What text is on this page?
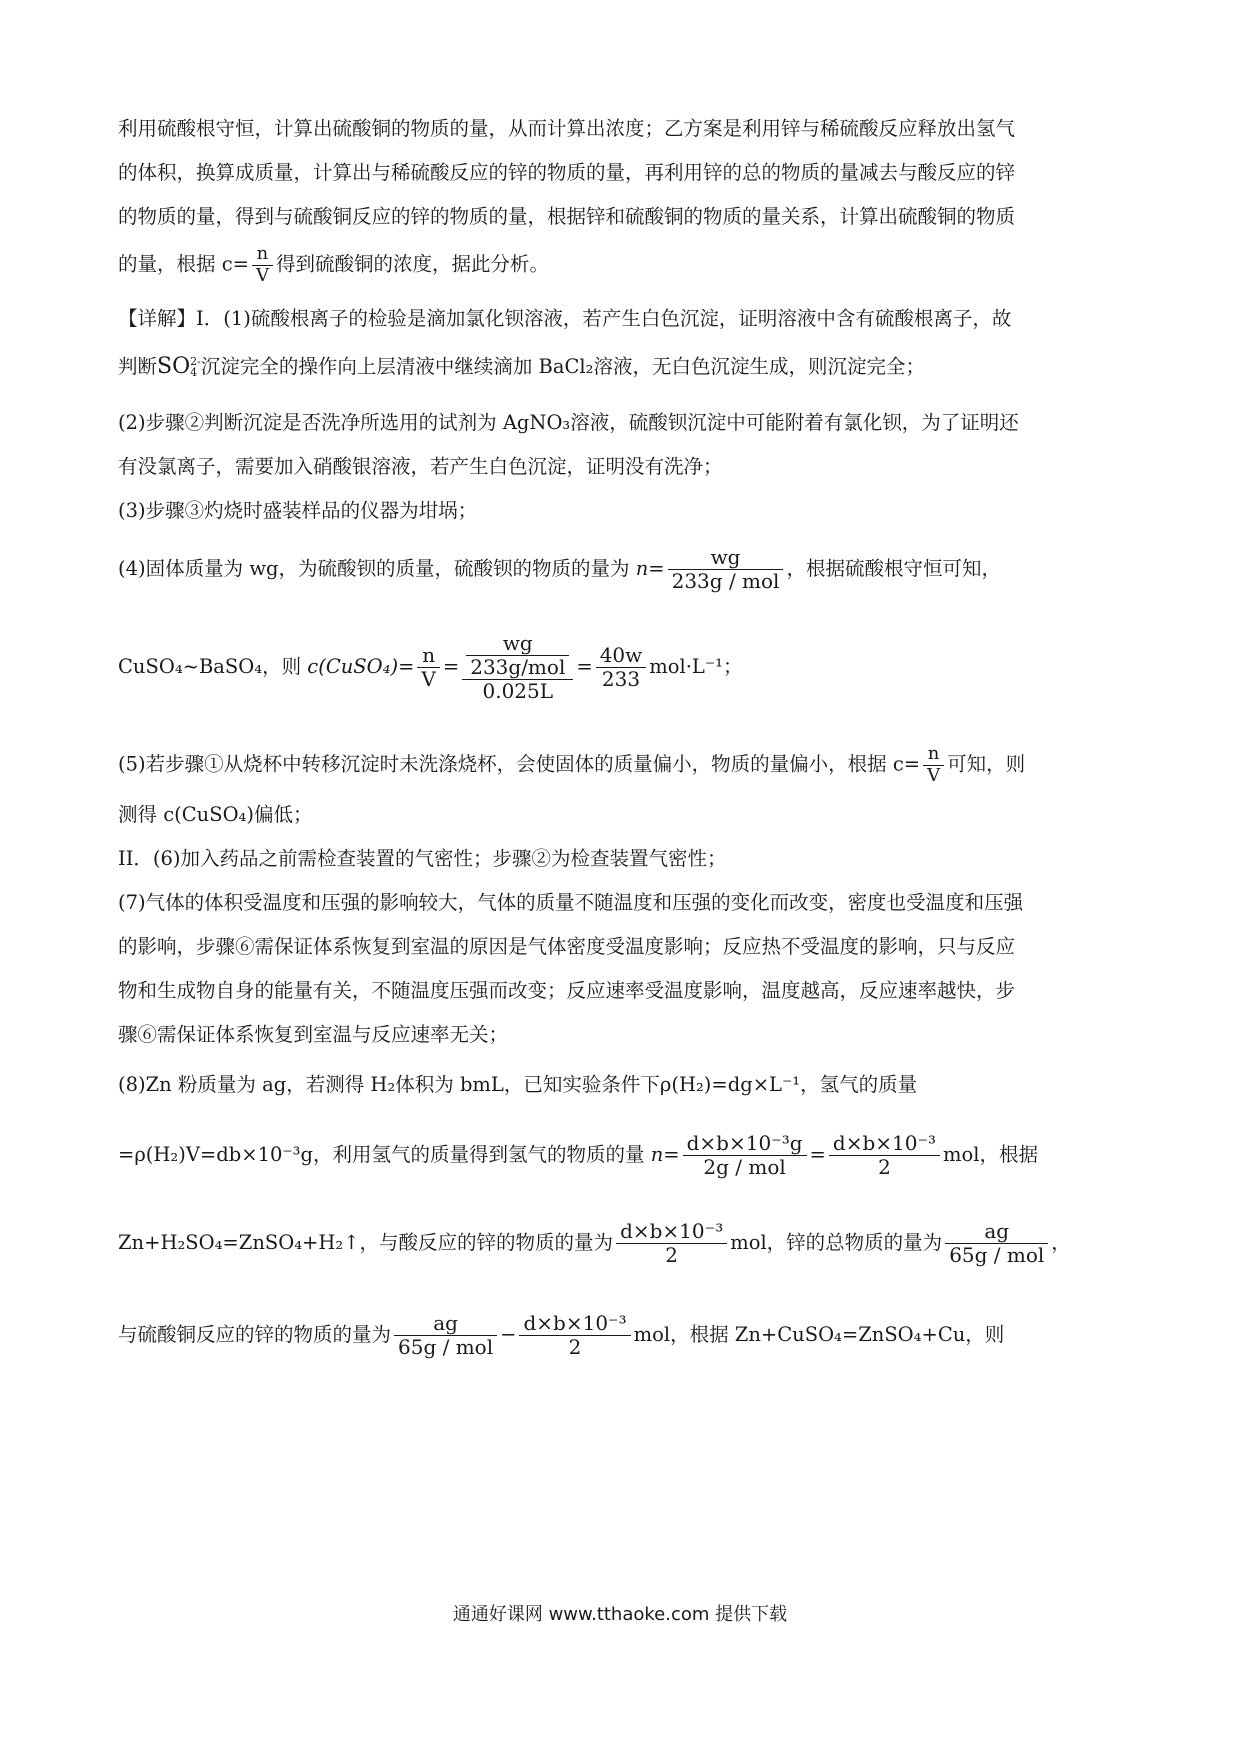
利用硫酸根守恒，计算出硫酸铜的物质的量，从而计算出浓度；乙方案是利用锌与稀硫酸反应释放出氢气
的体积，换算成质量，计算出与稀硫酸反应的锌的物质的量，再利用锌的总的物质的量减去与酸反应的锌
的物质的量，得到与硫酸铜反应的锌的物质的量，根据锌和硫酸铜的物质的量关系，计算出硫酸铜的物质
的量，根据 $c= \frac{n}{V}$ 得到硫酸铜的浓度，据此分析。
【详解】I．(1)硫酸根离子的检验是滴加氯化钡溶液，若产生白色沉淀，证明溶液中含有硫酸根离子，故
判断SO 2-
4 沉淀完全的操作向上层清液中继续滴加 BaCl₂溶液，无白色沉淀生成，则沉淀完全；
(2)步骤②判断沉淀是否洗净所选用的试剂为 AgNO₃溶液，硫酸钡沉淀中可能附着有氯化钡，为了证明还
有没氯离子，需要加入硝酸银溶液，若产生白色沉淀，证明没有洗净；
(3)步骤③灼烧时盛装样品的仪器为坩埚；
(4)固体质量为 wg，为硫酸钡的质量，硫酸钡的物质的量为 $n= \frac{wg}{\text{233g / mol}}$ ，根据硫酸根守恒可知，
CuSO₄~BaSO₄，则 c(CuSO₄)= $\frac{n}{V} = \frac{\frac{wg}{\text{233g/mol}}}{0.025L} = \frac{40w}{233} mol\cdot L^{-1}$；
(5)若步骤①从烧杯中转移沉淀时未洗涤烧杯，会使固体的质量偏小，物质的量偏小，根据 $c= \frac{n}{V}$ 可知，则
测得 c(CuSO₄)偏低；
II．(6)加入药品之前需检查装置的气密性；步骤②为检查装置气密性；
(7)气体的体积受温度和压强的影响较大，气体的质量不随温度和压强的变化而改变，密度也受温度和压强
的影响，步骤⑥需保证体系恢复到室温的原因是气体密度受温度影响；反应热不受温度的影响，只与反应
物和生成物自身的能量有关，不随温度压强而改变；反应速率受温度影响，温度越高，反应速率越快，步
骤⑥需保证体系恢复到室温与反应速率无关；
(8)Zn 粉质量为 ag，若测得 H₂体积为 bmL，已知实验条件下ρ(H₂)=dg×L⁻¹，氢气的质量
=ρ(H₂)V=db×10⁻³g，利用氢气的质量得到氢气的物质的量 $n= \frac{\text{d×b×10⁻³g}}{\text{2g / mol}} = \frac{\text{d×b×10⁻³}}{2}$ mol，根据
Zn+H₂SO₄=ZnSO₄+H₂↑，与酸反应的锌的物质的量为 $\frac{\text{d×b×10⁻³}}{2}$ mol，锌的总物质的量为 $\frac{ag}{\text{65g / mol}}$ ，
与硫酸铜反应的锌的物质的量为 $\frac{ag}{\text{65g / mol}} - \frac{\text{d×b×10⁻³}}{2}$ mol，根据 Zn+CuSO₄=ZnSO₄+Cu，则
通通好课网 www.tthaoke.com 提供下载
